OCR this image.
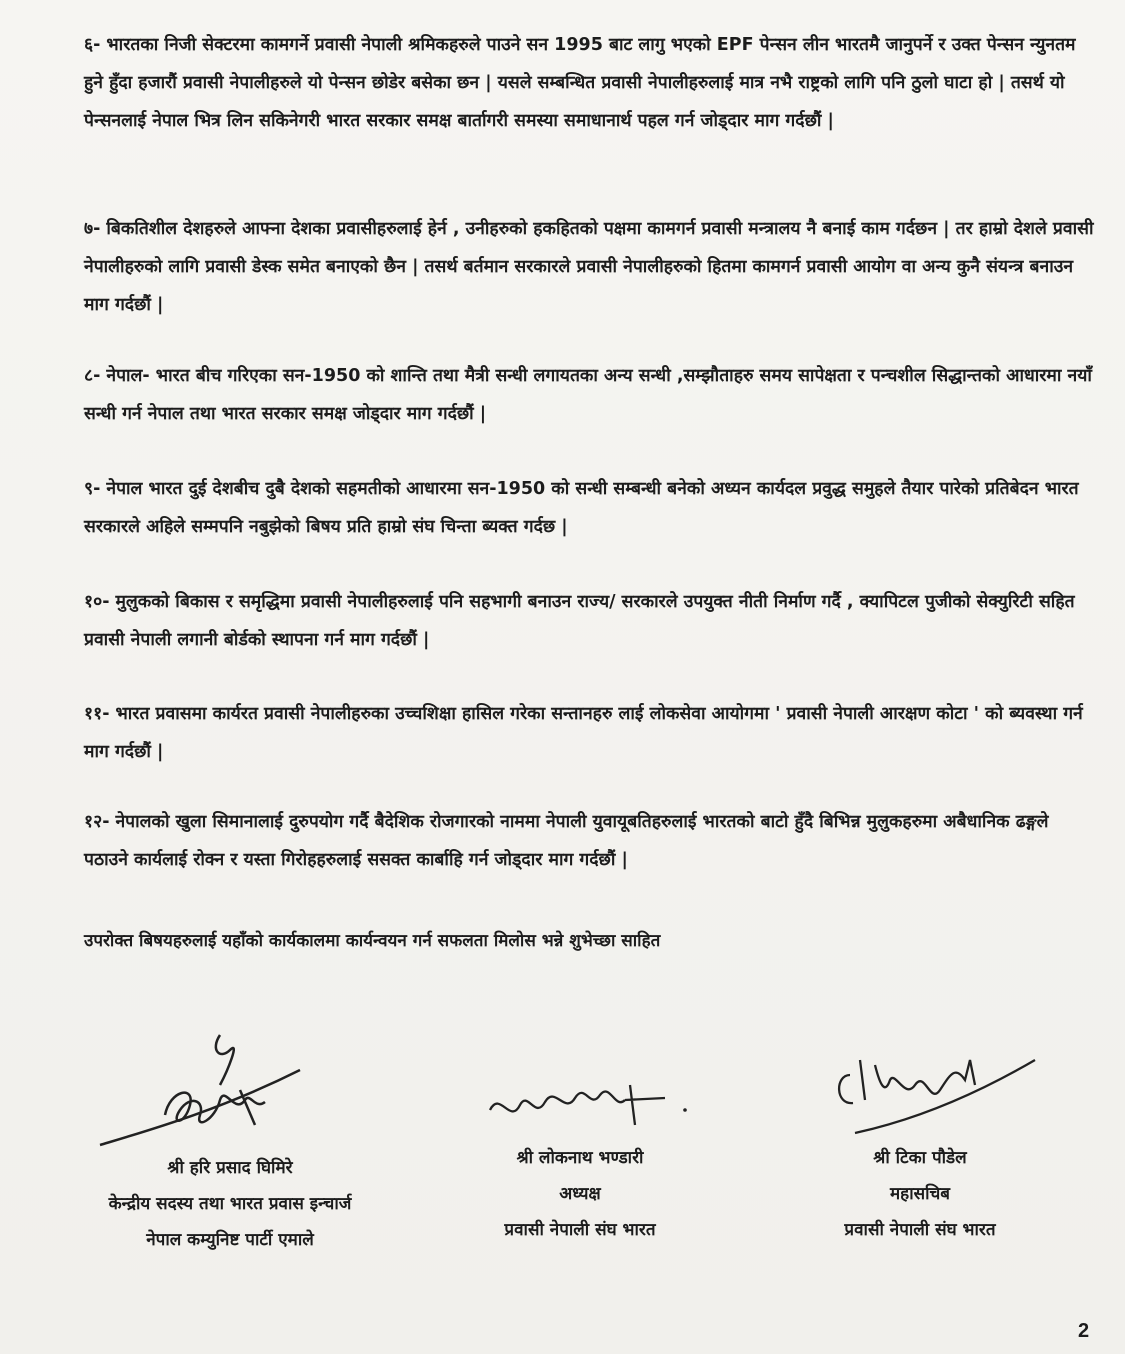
६- भारतका निजी सेक्टरमा कामगर्ने प्रवासी नेपाली श्रमिकहरुले पाउने सन 1995 बाट लागु भएको EPF पेन्सन लीन भारतमै जानुपर्ने र उक्त पेन्सन न्युनतम हुने हुँदा हजारौं प्रवासी नेपालीहरुले यो पेन्सन छोडेर बसेका छन | यसले सम्बन्धित प्रवासी नेपालीहरुलाई मात्र नभै राष्ट्रको लागि पनि ठुलो घाटा हो | तसर्थ यो पेन्सनलाई नेपाल भित्र लिन सकिनेगरी भारत सरकार समक्ष बार्तागरी समस्या समाधानार्थ पहल गर्न जोड्दार माग गर्दछौं |
७- बिकतिशील देशहरुले आफ्ना देशका प्रवासीहरुलाई हेर्न , उनीहरुको हकहितको पक्षमा कामगर्न प्रवासी मन्त्रालय नै बनाई काम गर्दछन | तर हाम्रो देशले प्रवासी नेपालीहरुको लागि प्रवासी डेस्क समेत बनाएको छैन | तसर्थ बर्तमान सरकारले प्रवासी नेपालीहरुको हितमा कामगर्न प्रवासी आयोग वा अन्य कुनै संयन्त्र बनाउन माग गर्दछौं |
८- नेपाल- भारत बीच गरिएका सन-1950 को शान्ति तथा मैत्री सन्धी लगायतका अन्य सन्धी ,सम्झौताहरु समय सापेक्षता र पन्चशील सिद्धान्तको आधारमा नयाँ सन्धी गर्न नेपाल तथा भारत सरकार समक्ष जोड्दार माग गर्दछौं |
९- नेपाल भारत दुई देशबीच दुबै देशको सहमतीको आधारमा सन-1950 को सन्धी सम्बन्धी बनेको अध्यन कार्यदल प्रवुद्ध समुहले तैयार पारेको प्रतिबेदन भारत सरकारले अहिले सम्मपनि नबुझेको बिषय प्रति हाम्रो संघ चिन्ता ब्यक्त गर्दछ |
१०- मुलुकको बिकास र समृद्धिमा प्रवासी नेपालीहरुलाई पनि सहभागी बनाउन राज्य/ सरकारले उपयुक्त नीती निर्माण गर्दै , क्यापिटल पुजीको सेक्युरिटी सहित प्रवासी नेपाली लगानी बोर्डको स्थापना गर्न माग गर्दछौं |
११- भारत प्रवासमा कार्यरत प्रवासी नेपालीहरुका उच्चशिक्षा हासिल गरेका सन्तानहरु लाई लोकसेवा आयोगमा ' प्रवासी नेपाली आरक्षण कोटा ' को ब्यवस्था गर्न माग गर्दछौं |
१२- नेपालको खुला सिमानालाई दुरुपयोग गर्दै बैदेशिक रोजगारको नाममा नेपाली युवायूबतिहरुलाई भारतको बाटो हुँदै बिभिन्न मुलुकहरुमा अबैधानिक ढङ्गले पठाउने कार्यलाई रोक्न र यस्ता गिरोहहरुलाई ससक्त कार्बाहि गर्न जोड्दार माग गर्दछौं |
उपरोक्त बिषयहरुलाई यहाँको कार्यकालमा कार्यन्वयन गर्न सफलता मिलोस भन्ने शुभेच्छा साहित
श्री हरि प्रसाद घिमिरे
केन्द्रीय सदस्य तथा भारत प्रवास इन्चार्ज
नेपाल कम्युनिष्ट पार्टी एमाले
श्री लोकनाथ भण्डारी
अध्यक्ष
प्रवासी नेपाली संघ भारत
श्री टिका पौडेल
महासचिब
प्रवासी नेपाली संघ भारत
2
